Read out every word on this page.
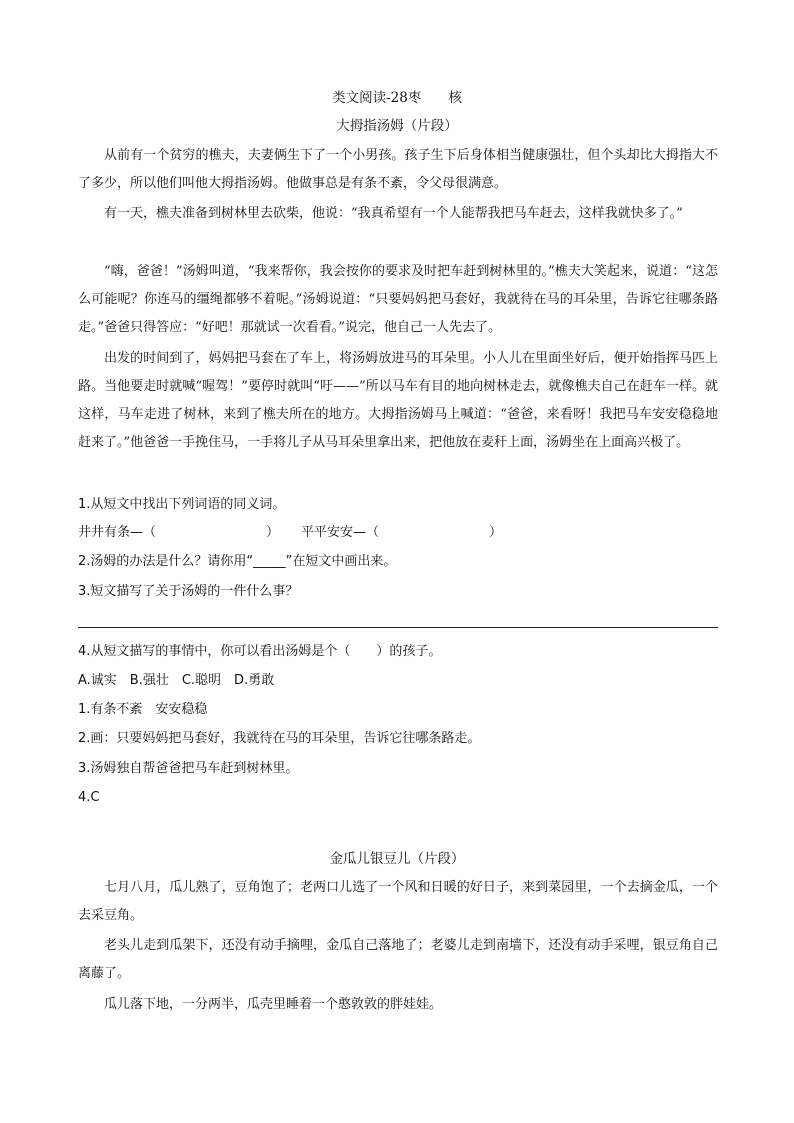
类文阅读-28枣　　核
大拇指汤姆（片段）

从前有一个贫穷的樵夫，夫妻俩生下了一个小男孩。孩子生下后身体相当健康强壮，但个头却比大拇指大不了多少，所以他们叫他大拇指汤姆。他做事总是有条不紊，令父母很满意。

有一天，樵夫准备到树林里去砍柴，他说：“我真希望有一个人能帮我把马车赶去，这样我就快多了。”

“嗨，爸爸！”汤姆叫道，“我来帮你，我会按你的要求及时把车赶到树林里的。”樵夫大笑起来，说道：“这怎么可能呢？你连马的缰绳都够不着呢。”汤姆说道：“只要妈妈把马套好，我就待在马的耳朵里，告诉它往哪条路走。”爸爸只得答应：“好吧！那就试一次看看。”说完，他自己一人先去了。

出发的时间到了，妈妈把马套在了车上，将汤姆放进马的耳朵里。小人儿在里面坐好后，便开始指挥马匹上路。当他要走时就喊“喔驾！”要停时就叫“吁——”所以马车有目的地向树林走去，就像樵夫自己在赶车一样。就这样，马车走进了树林，来到了樵夫所在的地方。大拇指汤姆马上喊道：“爸爸，来看呀！我把马车安安稳稳地赶来了。”他爸爸一手挽住马，一手将儿子从马耳朵里拿出来，把他放在麦秆上面，汤姆坐在上面高兴极了。

1.从短文中找出下列词语的同义词。

井井有条—（	） 平平安安—（	）

2.汤姆的办法是什么？请你用“_____”在短文中画出来。

3.短文描写了关于汤姆的一件什么事？

4.从短文描写的事情中，你可以看出汤姆是个（　　）的孩子。

A.诚实　B.强壮　C.聪明　D.勇敢

1.有条不紊　安安稳稳

2.画：只要妈妈把马套好，我就待在马的耳朵里，告诉它往哪条路走。

3.汤姆独自帮爸爸把马车赶到树林里。

4.C

金瓜儿银豆儿（片段）

七月八月，瓜儿熟了，豆角饱了；老两口儿选了一个风和日暖的好日子，来到菜园里，一个去摘金瓜，一个去采豆角。

老头儿走到瓜架下，还没有动手摘哩，金瓜自己落地了；老婆儿走到南墙下，还没有动手采哩，银豆角自己离藤了。

瓜儿落下地，一分两半，瓜壳里睡着一个憨敦敦的胖娃娃。
